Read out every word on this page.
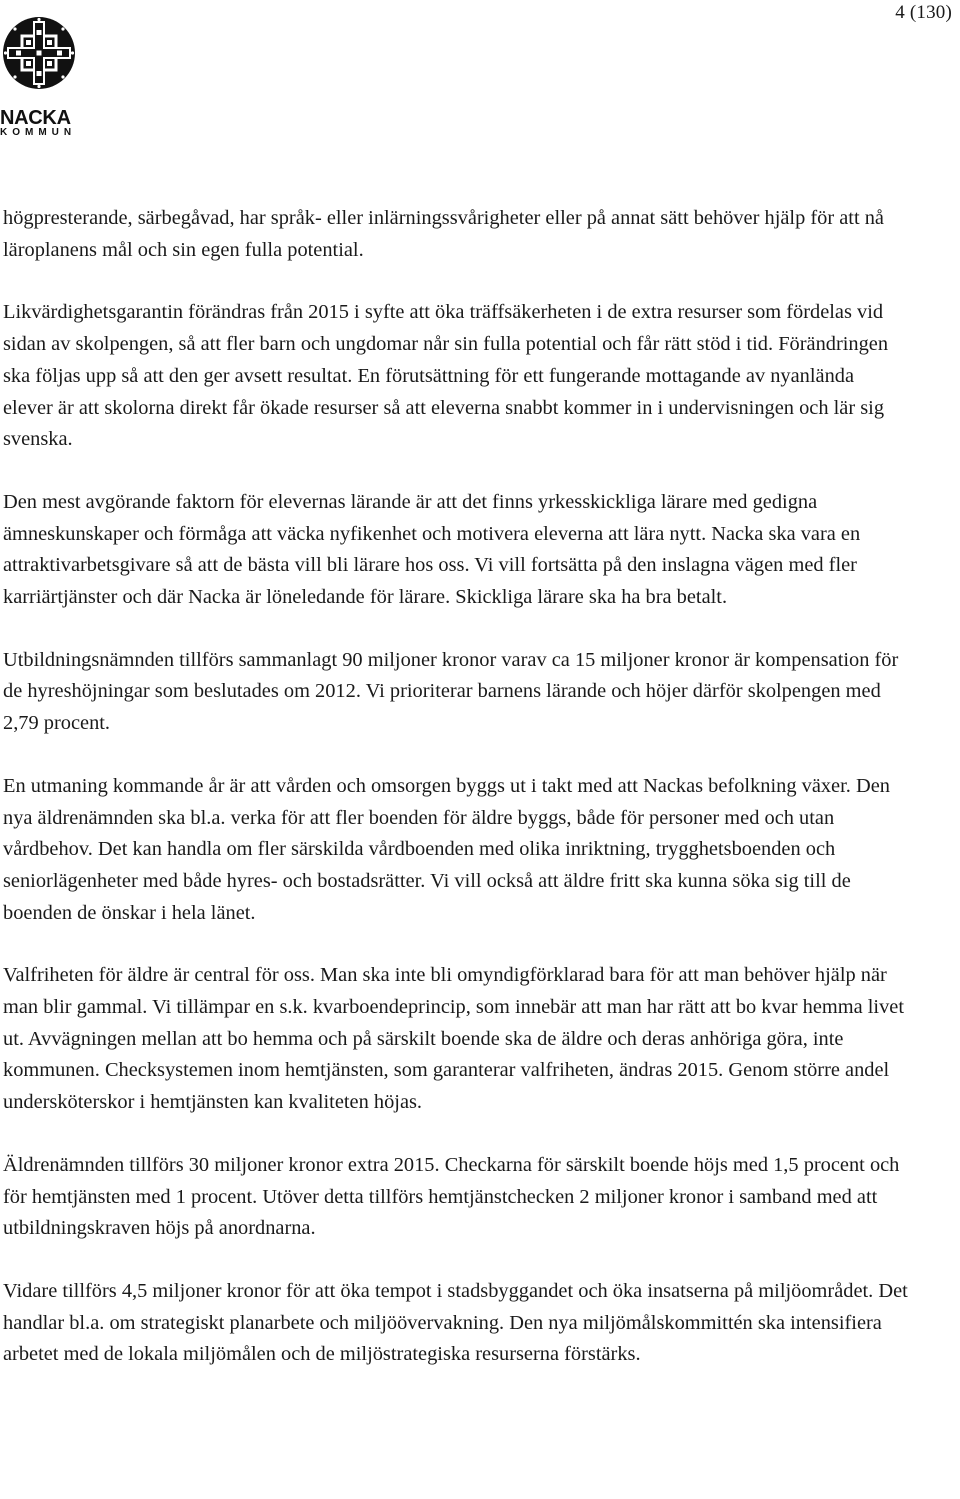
4 (130)
NACKA
KOMMUN

högpresterande, särbegåvad, har språk- eller inlärningssvårigheter eller på annat sätt behöver hjälp för att nå läroplanens mål och sin egen fulla potential.

Likvärdighetsgarantin förändras från 2015 i syfte att öka träffsäkerheten i de extra resurser som fördelas vid sidan av skolpengen, så att fler barn och ungdomar når sin fulla potential och får rätt stöd i tid. Förändringen ska följas upp så att den ger avsett resultat. En förutsättning för ett fungerande mottagande av nyanlända elever är att skolorna direkt får ökade resurser så att eleverna snabbt kommer in i undervisningen och lär sig svenska.

Den mest avgörande faktorn för elevernas lärande är att det finns yrkesskickliga lärare med gedigna ämneskunskaper och förmåga att väcka nyfikenhet och motivera eleverna att lära nytt. Nacka ska vara en attraktivarbetsgivare så att de bästa vill bli lärare hos oss. Vi vill fortsätta på den inslagna vägen med fler karriärtjänster och där Nacka är löneledande för lärare. Skickliga lärare ska ha bra betalt.

Utbildningsnämnden tillförs sammanlagt 90 miljoner kronor varav ca 15 miljoner kronor är kompensation för de hyreshöjningar som beslutades om 2012. Vi prioriterar barnens lärande och höjer därför skolpengen med 2,79 procent.

En utmaning kommande år är att vården och omsorgen byggs ut i takt med att Nackas befolkning växer. Den nya äldrenämnden ska bl.a. verka för att fler boenden för äldre byggs, både för personer med och utan vårdbehov. Det kan handla om fler särskilda vårdboenden med olika inriktning, trygghetsboenden och seniorlägenheter med både hyres- och bostadsrätter. Vi vill också att äldre fritt ska kunna söka sig till de boenden de önskar i hela länet.

Valfriheten för äldre är central för oss. Man ska inte bli omyndigförklarad bara för att man behöver hjälp när man blir gammal. Vi tillämpar en s.k. kvarboendeprincip, som innebär att man har rätt att bo kvar hemma livet ut. Avvägningen mellan att bo hemma och på särskilt boende ska de äldre och deras anhöriga göra, inte kommunen. Checksystemen inom hemtjänsten, som garanterar valfriheten, ändras 2015. Genom större andel undersköterskor i hemtjänsten kan kvaliteten höjas.

Äldrenämnden tillförs 30 miljoner kronor extra 2015. Checkarna för särskilt boende höjs med 1,5 procent och för hemtjänsten med 1 procent. Utöver detta tillförs hemtjänstchecken 2 miljoner kronor i samband med att utbildningskraven höjs på anordnarna.

Vidare tillförs 4,5 miljoner kronor för att öka tempot i stadsbyggandet och öka insatserna på miljöområdet. Det handlar bl.a. om strategiskt planarbete och miljöövervakning. Den nya miljömålskommittén ska intensifiera arbetet med de lokala miljömålen och de miljöstrategiska resurserna förstärks.
